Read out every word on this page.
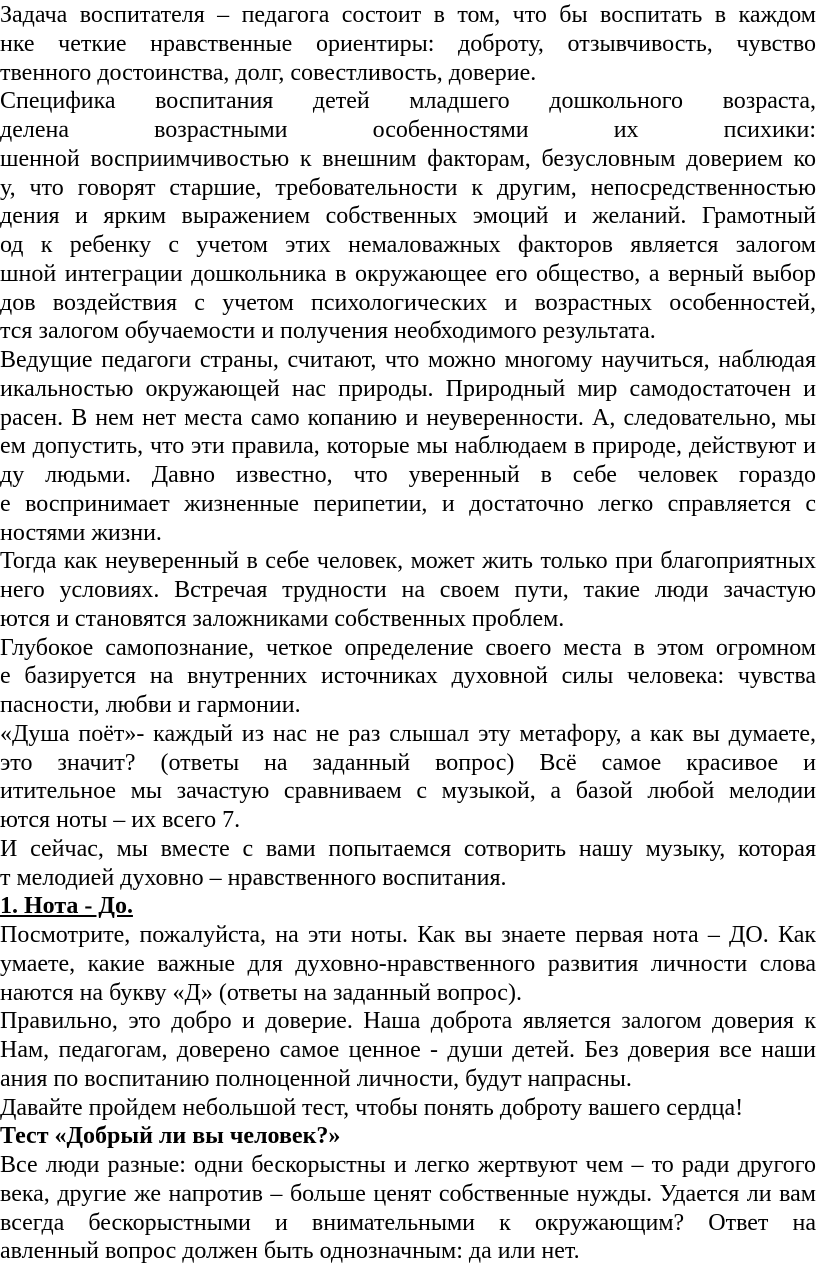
Задача воспитателя – педагога состоит в том, что бы воспитать в каждом
нке четкие нравственные ориентиры: доброту, отзывчивость, чувство
твенного достоинства, долг, совестливость, доверие.
Специфика воспитания детей младшего дошкольного возраста,
делена возрастными особенностями их психики:
шенной восприимчивостью к внешним факторам, безусловным доверием ко
у, что говорят старшие, требовательности к другим, непосредственностью
дения и ярким выражением собственных эмоций и желаний. Грамотный
од к ребенку с учетом этих немаловажных факторов является залогом
шной интеграции дошкольника в окружающее его общество, а верный выбор
дов воздействия с учетом психологических и возрастных особенностей,
тся залогом обучаемости и получения необходимого результата.
Ведущие педагоги страны, считают, что можно многому научиться, наблюдая
икальностью окружающей нас природы. Природный мир самодостаточен и
расен. В нем нет места само копанию и неуверенности. А, следовательно, мы
ем допустить, что эти правила, которые мы наблюдаем в природе, действуют и
ду людьми. Давно известно, что уверенный в себе человек гораздо
е воспринимает жизненные перипетии, и достаточно легко справляется с
ностями жизни.
Тогда как неуверенный в себе человек, может жить только при благоприятных
него условиях. Встречая трудности на своем пути, такие люди зачастую
ются и становятся заложниками собственных проблем.
Глубокое самопознание, четкое определение своего места в этом огромном
е базируется на внутренних источниках духовной силы человека: чувства
пасности, любви и гармонии.
«Душа поёт»- каждый из нас не раз слышал эту метафору, а как вы думаете,
это значит? (ответы на заданный вопрос) Всё самое красивое и
итительное мы зачастую сравниваем с музыкой, а базой любой мелодии
ются ноты – их всего 7.
И сейчас, мы вместе с вами попытаемся сотворить нашу музыку, которая
т мелодией духовно – нравственного воспитания.
1. Нота - До.
Посмотрите, пожалуйста, на эти ноты. Как вы знаете первая нота – ДО. Как
умаете, какие важные для духовно-нравственного развития личности слова
наются на букву «Д» (ответы на заданный вопрос).
Правильно, это добро и доверие. Наша доброта является залогом доверия к
Нам, педагогам, доверено самое ценное - души детей. Без доверия все наши
ания по воспитанию полноценной личности, будут напрасны.
Давайте пройдем небольшой тест, чтобы понять доброту вашего сердца!
Тест «Добрый ли вы человек?»
Все люди разные: одни бескорыстны и легко жертвуют чем – то ради другого
века, другие же напротив – больше ценят собственные нужды. Удается ли вам
всегда бескорыстными и внимательными к окружающим? Ответ на
авленный вопрос должен быть однозначным: да или нет.
